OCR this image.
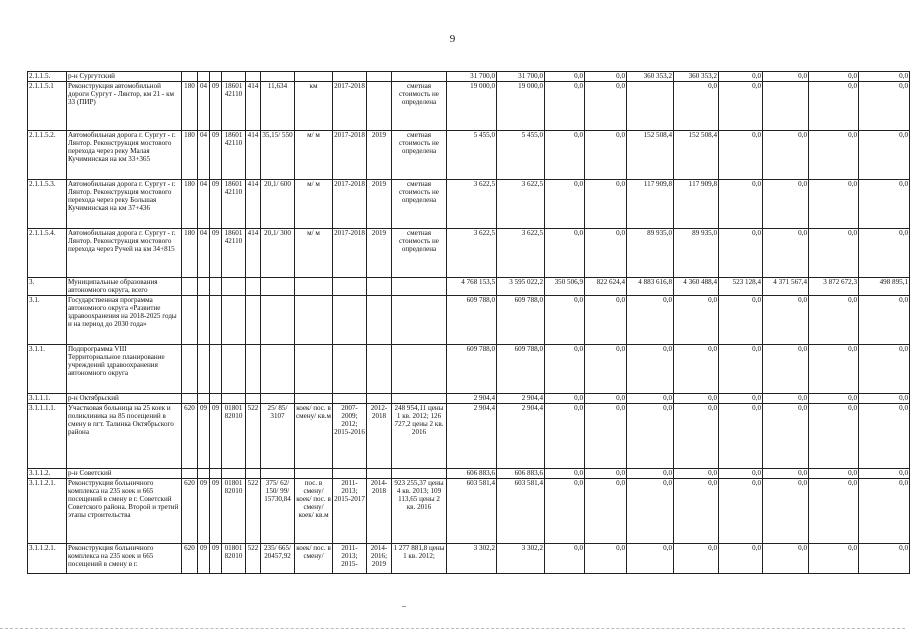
9
2.1.1.5.	р-н Сургутский											31 700,0	31 700,0	0,0	0,0	360 353,2	360 353,2	0,0	0,0	0,0	0,0
2.1.1.5.1	Реконструкция автомобильной дороги Сургут - Лянтор, км 21 - км 33 (ПИР)	180	04	09	18601 42110	414	11,634	км	2017-2018		сметная стоимость не определена	19 000,0	19 000,0	0,0	0,0		0,0	0,0		0,0	0,0
2.1.1.5.2.	Автомобильная дорога г. Сургут - г. Лянтор. Реконструкция мостового перехода через реку Малая Кучиминская на км 33+365	180	04	09	18601 42110	414	35,15/ 550	м/ м	2017-2018	2019	сметная стоимость не определена	5 455,0	5 455,0	0,0	0,0	152 508,4	152 508,4	0,0	0,0	0,0	0,0
2.1.1.5.3.	Автомобильная дорога г. Сургут - г. Лянтор. Реконструкция мостового перехода через реку Большая Кучиминская на км 37+436	180	04	09	18601 42110	414	20,1/ 600	м/ м	2017-2018	2019	сметная стоимость не определена	3 622,5	3 622,5	0,0	0,0	117 909,8	117 909,8	0,0	0,0	0,0	0,0
2.1.1.5.4.	Автомобильная дорога г. Сургут - г. Лянтор. Реконструкция мостового перехода через Ручей на км 34+815	180	04	09	18601 42110	414	20,1/ 300	м/ м	2017-2018	2019	сметная стоимость не определена	3 622,5	3 622,5	0,0	0,0	89 935,0	89 935,0	0,0	0,0	0,0	0,0
3.	Муниципальные образования автономного округа, всего											4 768 153,5	3 595 022,2	350 506,9	822 624,4	4 883 616,8	4 360 488,4	523 128,4	4 371 567,4	3 872 672,3	498 895,1
3.1.	Государственная программа автономного округа «Развитие здравоохранения на 2018-2025 годы и на период до 2030 года»											609 788,0	609 788,0	0,0	0,0	0,0	0,0	0,0	0,0	0,0	0,0
3.1.1.	Подпрограмма VIII Территориальное планирование учреждений здравоохранения автономного округа											609 788,0	609 788,0	0,0	0,0	0,0	0,0	0,0	0,0	0,0	0,0
3.1.1.1.	р-н Октябрьский											2 904,4	2 904,4	0,0	0,0	0,0	0,0	0,0	0,0	0,0	0,0
3.1.1.1.1.	Участковая больница на 25 коек и поликлиника на 85 посещений в смену в пгт. Талинка Октябрьского района	620	09	09	01801 82010	522	25/ 85/ 3107	коек/ пос. в смену/ кв.м	2007-2009; 2012; 2015-2016	2012-2018	248 954,11 цены 1 кв. 2012; 126 727,2 цены 2 кв. 2016	2 904,4	2 904,4	0,0	0,0	0,0	0,0	0,0	0,0	0,0	0,0
3.1.1.2.	р-н Советский											606 883,6	606 883,6	0,0	0,0	0,0	0,0	0,0	0,0	0,0	0,0
3.1.1.2.1.	Реконструкция больничного комплекса на 235 коек и 665 посещений в смену в г. Советский Советского района. Второй и третий этапы строительства	620	09	09	01801 82010	522	375/ 62/ 150/ 99/ 15730,84	пос. в смену/ коек/ пос. в смену/ коек/ кв.м	2011-2013; 2015-2017	2014-2018	923 255,37 цены 4 кв. 2013; 109 113,65 цены 2 кв. 2016	603 581,4	603 581,4	0,0	0,0	0,0	0,0	0,0	0,0	0,0	0,0
3.1.1.2.1.	Реконструкция больничного комплекса на 235 коек и 665 посещений в смену в г.	620	09	09	01801 82010	522	235/ 665/ 20457,92	коек/ пос. в смену/	2011-2013; 2015-	2014-2016; 2019	1 277 881,8 цены 1 кв. 2012;	3 302,2	3 302,2	0,0	0,0	0,0	0,0	0,0	0,0	0,0	0,0
